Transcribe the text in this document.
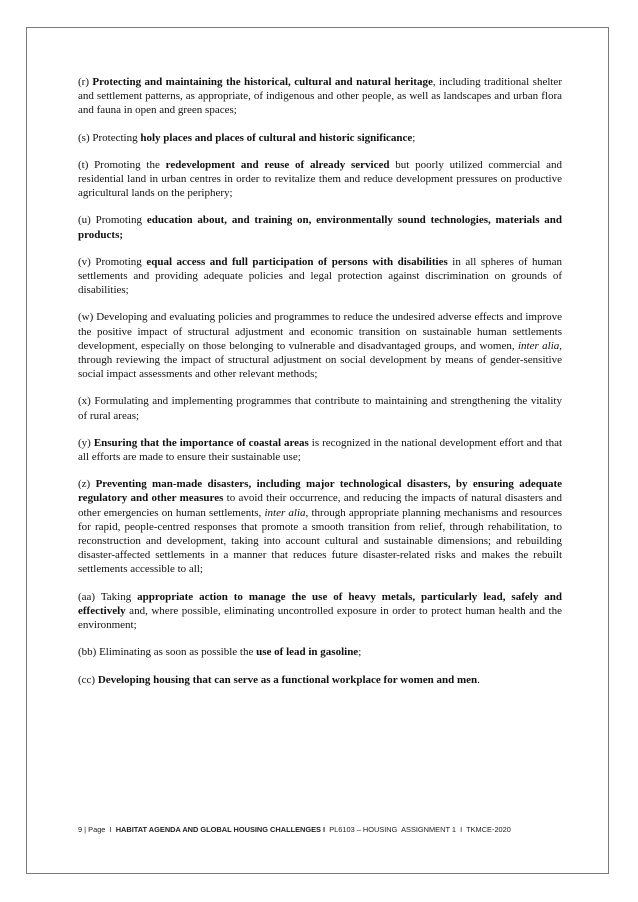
(r) Protecting and maintaining the historical, cultural and natural heritage, including traditional shelter and settlement patterns, as appropriate, of indigenous and other people, as well as landscapes and urban flora and fauna in open and green spaces;

(s) Protecting holy places and places of cultural and historic significance;

(t) Promoting the redevelopment and reuse of already serviced but poorly utilized commercial and residential land in urban centres in order to revitalize them and reduce development pressures on productive agricultural lands on the periphery;

(u) Promoting education about, and training on, environmentally sound technologies, materials and products;

(v) Promoting equal access and full participation of persons with disabilities in all spheres of human settlements and providing adequate policies and legal protection against discrimination on grounds of disabilities;

(w) Developing and evaluating policies and programmes to reduce the undesired adverse effects and improve the positive impact of structural adjustment and economic transition on sustainable human settlements development, especially on those belonging to vulnerable and disadvantaged groups, and women, inter alia, through reviewing the impact of structural adjustment on social development by means of gender-sensitive social impact assessments and other relevant methods;

(x) Formulating and implementing programmes that contribute to maintaining and strengthening the vitality of rural areas;

(y) Ensuring that the importance of coastal areas is recognized in the national development effort and that all efforts are made to ensure their sustainable use;

(z) Preventing man-made disasters, including major technological disasters, by ensuring adequate regulatory and other measures to avoid their occurrence, and reducing the impacts of natural disasters and other emergencies on human settlements, inter alia, through appropriate planning mechanisms and resources for rapid, people-centred responses that promote a smooth transition from relief, through rehabilitation, to reconstruction and development, taking into account cultural and sustainable dimensions; and rebuilding disaster-affected settlements in a manner that reduces future disaster-related risks and makes the rebuilt settlements accessible to all;

(aa) Taking appropriate action to manage the use of heavy metals, particularly lead, safely and effectively and, where possible, eliminating uncontrolled exposure in order to protect human health and the environment;

(bb) Eliminating as soon as possible the use of lead in gasoline;

(cc) Developing housing that can serve as a functional workplace for women and men.

9 | Page  I  HABITAT AGENDA AND GLOBAL HOUSING CHALLENGES I  PL6103 – HOUSING  ASSIGNMENT 1  I  TKMCE-2020
